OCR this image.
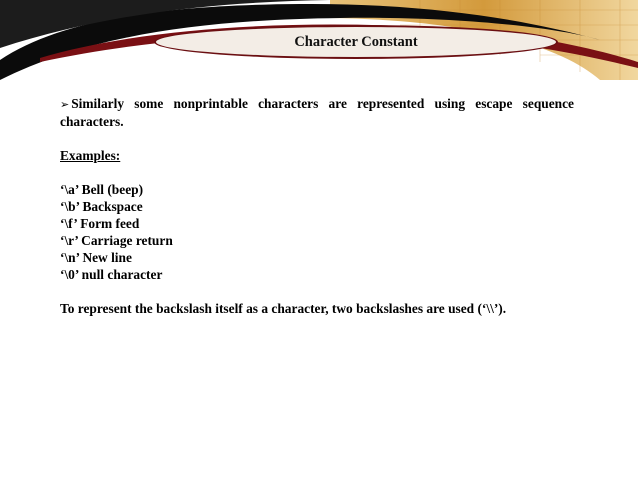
Character Constant

➢ Similarly some nonprintable characters are represented using escape sequence characters.

Examples:
‘\a’ Bell (beep)
‘\b’ Backspace
‘\f’ Form feed
‘\r’ Carriage return
‘\n’ New line
‘\0’ null character
To represent the backslash itself as a character, two backslashes are used (‘\\’).
